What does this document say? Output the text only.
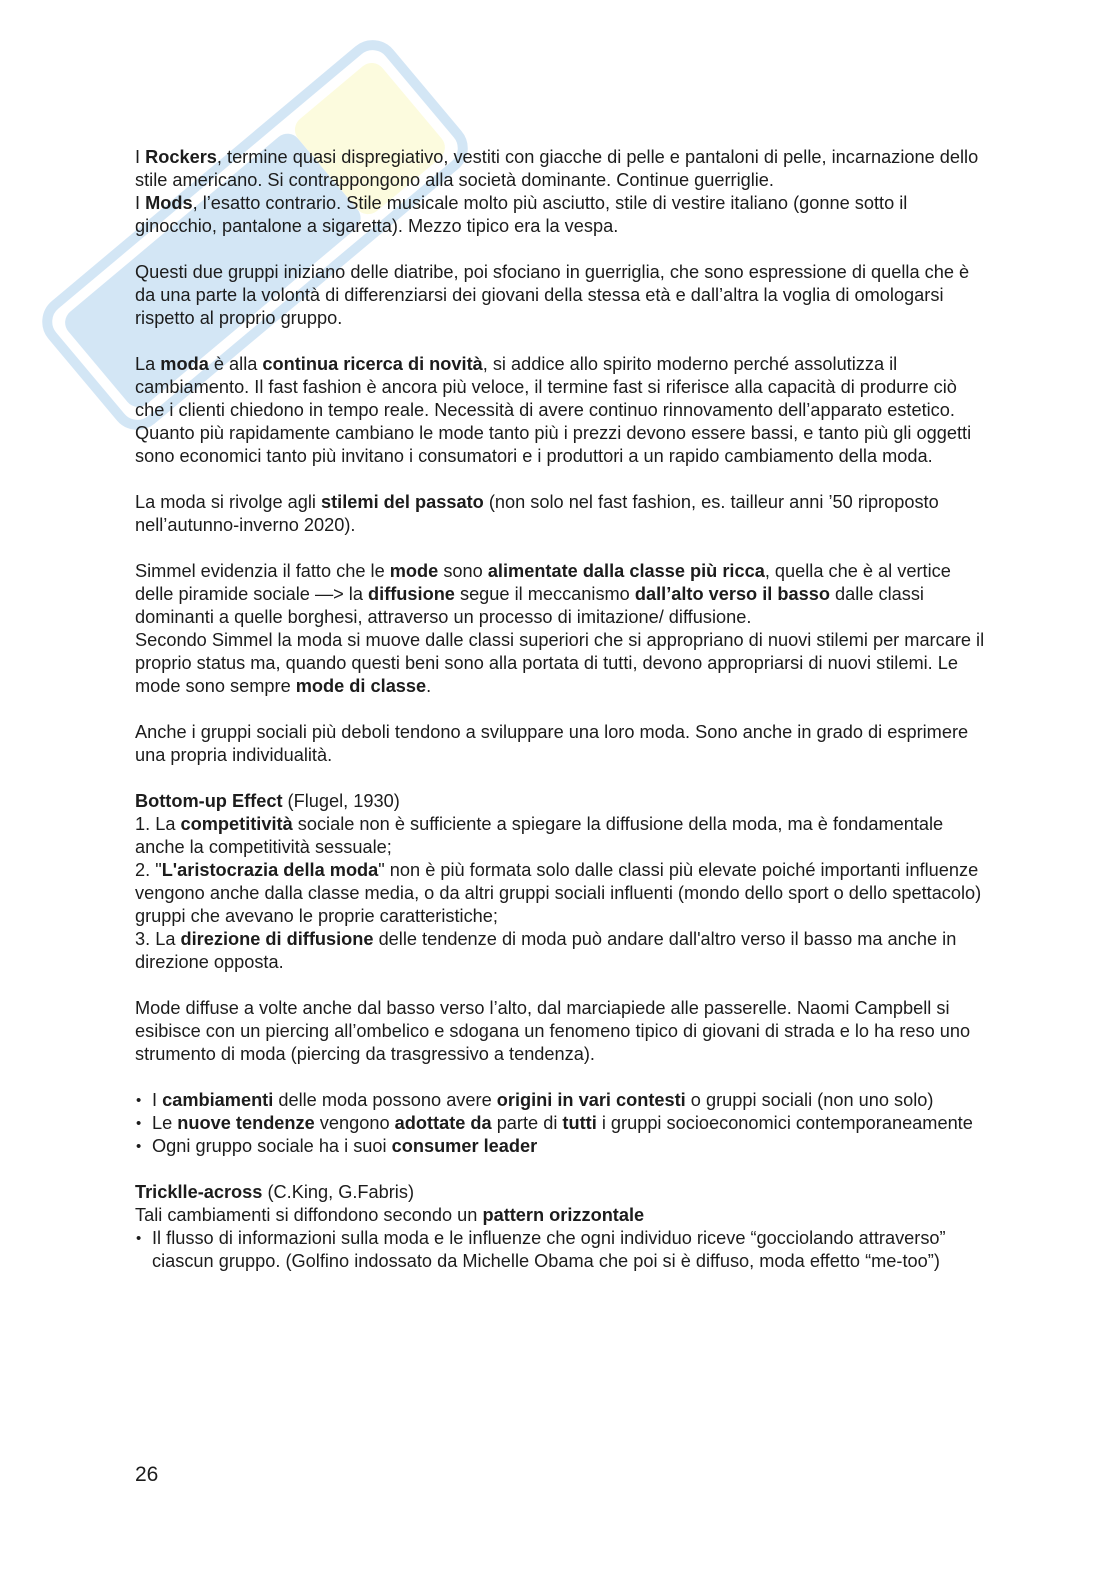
I Rockers, termine quasi dispregiativo, vestiti con giacche di pelle e pantaloni di pelle, incarnazione dello stile americano. Si contrappongono alla società dominante. Continue guerriglie.

I Mods, l’esatto contrario. Stile musicale molto più asciutto, stile di vestire italiano (gonne sotto il ginocchio, pantalone a sigaretta). Mezzo tipico era la vespa.

Questi due gruppi iniziano delle diatribe, poi sfociano in guerriglia, che sono espressione di quella che è da una parte la volontà di differenziarsi dei giovani della stessa età e dall’altra la voglia di omologarsi rispetto al proprio gruppo.

La moda è alla continua ricerca di novità, si addice allo spirito moderno perché assolutizza il cambiamento. Il fast fashion è ancora più veloce, il termine fast si riferisce alla capacità di produrre ciò che i clienti chiedono in tempo reale. Necessità di avere continuo rinnovamento dell’apparato estetico.

Quanto più rapidamente cambiano le mode tanto più i prezzi devono essere bassi, e tanto più gli oggetti sono economici tanto più invitano i consumatori e i produttori a un rapido cambiamento della moda.

La moda si rivolge agli stilemi del passato (non solo nel fast fashion, es. tailleur anni ’50 riproposto nell’autunno-inverno 2020).

Simmel evidenzia il fatto che le mode sono alimentate dalla classe più ricca, quella che è al vertice delle piramide sociale —> la diffusione segue il meccanismo dall’alto verso il basso dalle classi dominanti a quelle borghesi, attraverso un processo di imitazione/ diffusione.

Secondo Simmel la moda si muove dalle classi superiori che si appropriano di nuovi stilemi per marcare il proprio status ma, quando questi beni sono alla portata di tutti, devono appropriarsi di nuovi stilemi. Le mode sono sempre mode di classe.

Anche i gruppi sociali più deboli tendono a sviluppare una loro moda. Sono anche in grado di esprimere una propria individualità.

Bottom-up Effect (Flugel, 1930)

1. La competitività sociale non è sufficiente a spiegare la diffusione della moda, ma è fondamentale anche la competitività sessuale;

2. "L'aristocrazia della moda" non è più formata solo dalle classi più elevate poiché importanti influenze vengono anche dalla classe media, o da altri gruppi sociali influenti (mondo dello sport o dello spettacolo) gruppi che avevano le proprie caratteristiche;

3. La direzione di diffusione delle tendenze di moda può andare dall'altro verso il basso ma anche in direzione opposta.

Mode diffuse a volte anche dal basso verso l’alto, dal marciapiede alle passerelle. Naomi Campbell si esibisce con un piercing all’ombelico e sdogana un fenomeno tipico di giovani di strada e lo ha reso uno strumento di moda (piercing da trasgressivo a tendenza).

• I cambiamenti delle moda possono avere origini in vari contesti o gruppi sociali (non uno solo)
• Le nuove tendenze vengono adottate da parte di tutti i gruppi socioeconomici contemporaneamente
• Ogni gruppo sociale ha i suoi consumer leader

Tricklle-across (C.King, G.Fabris)

Tali cambiamenti si diffondono secondo un pattern orizzontale

• Il flusso di informazioni sulla moda e le influenze che ogni individuo riceve “gocciolando attraverso” ciascun gruppo. (Golfino indossato da Michelle Obama che poi si è diffuso, moda effetto “me-too”)
26
